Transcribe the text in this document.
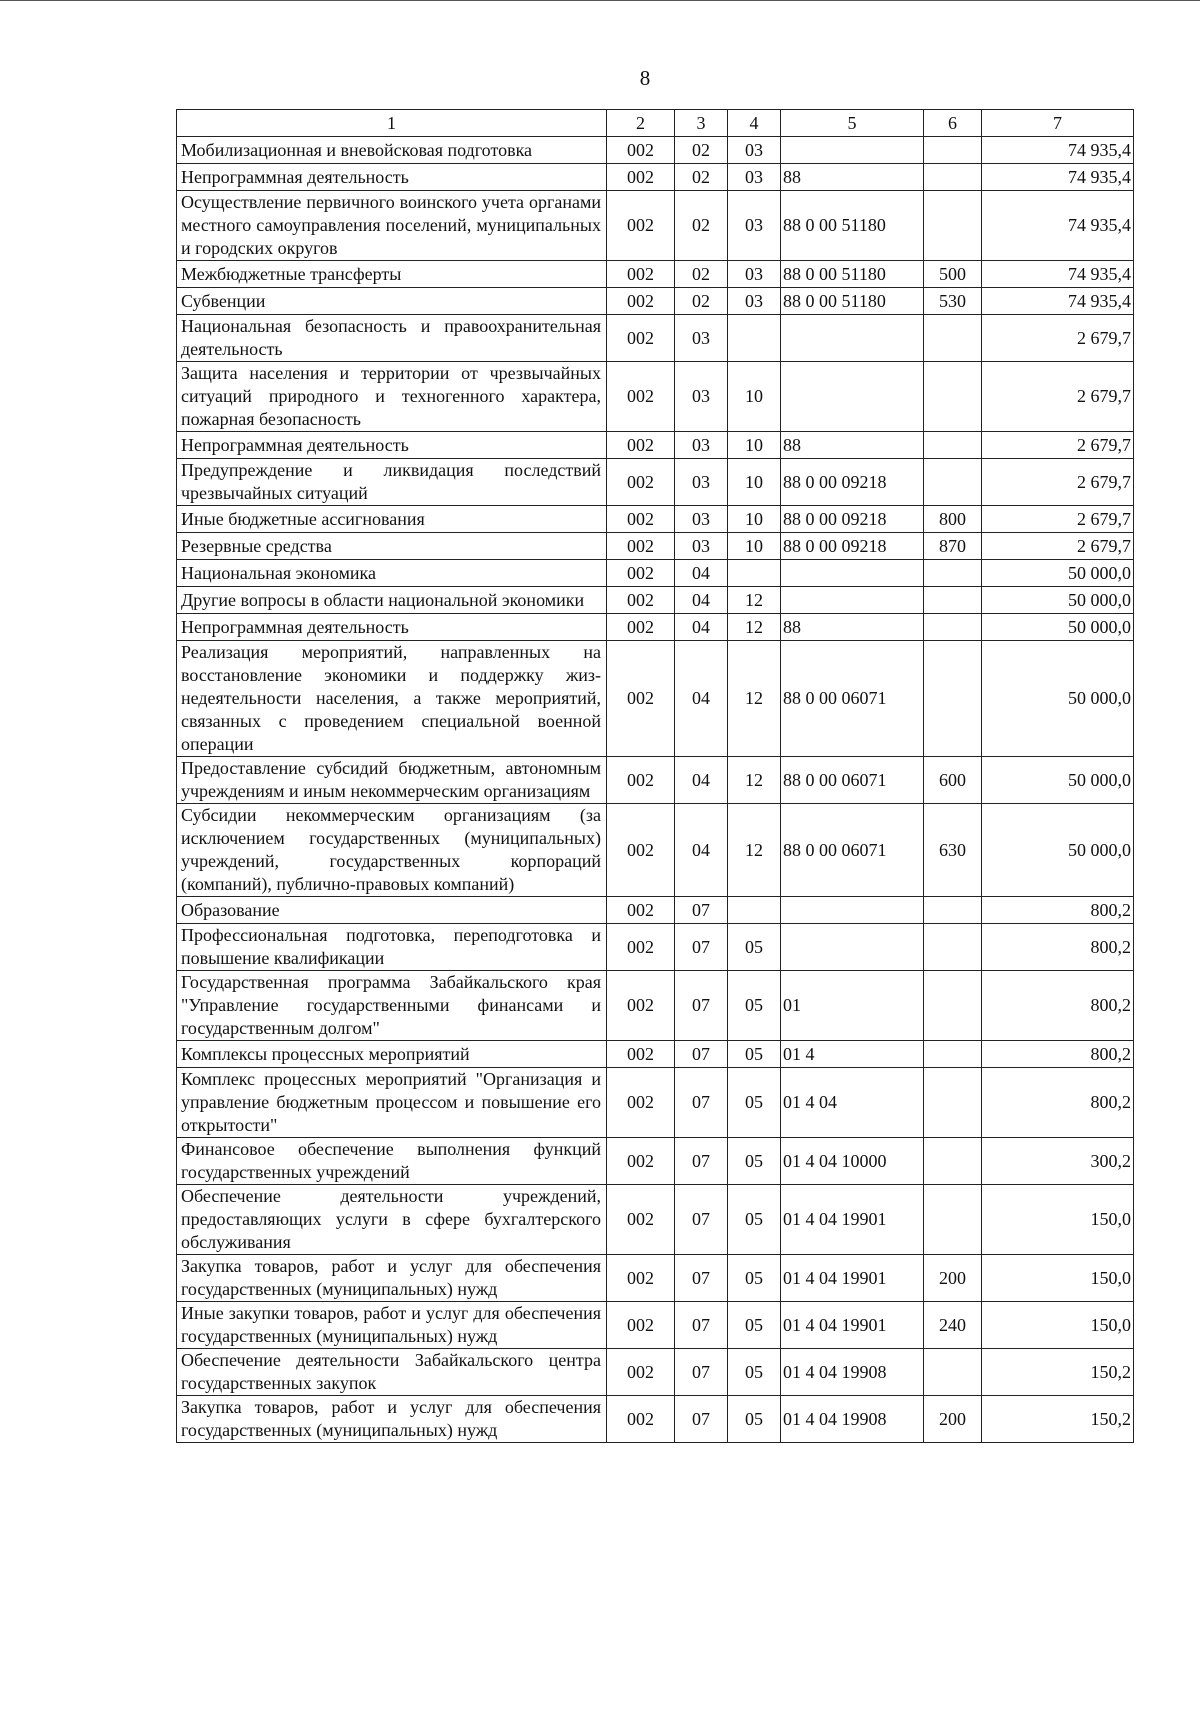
8
1	2	3	4	5	6	7
Мобилизационная и вневойсковая подготовка	002	02	03			74 935,4
Непрограммная деятельность	002	02	03	88		74 935,4
Осуществление первичного воинского учета органами местного самоуправления поселений, муниципальных и городских округов	002	02	03	88 0 00 51180		74 935,4
Межбюджетные трансферты	002	02	03	88 0 00 51180	500	74 935,4
Субвенции	002	02	03	88 0 00 51180	530	74 935,4
Национальная безопасность и правоохранительная деятельность	002	03				2 679,7
Защита населения и территории от чрезвычайных ситуаций природного и техногенного характера, пожарная безопасность	002	03	10			2 679,7
Непрограммная деятельность	002	03	10	88		2 679,7
Предупреждение и ликвидация последствий чрезвычайных ситуаций	002	03	10	88 0 00 09218		2 679,7
Иные бюджетные ассигнования	002	03	10	88 0 00 09218	800	2 679,7
Резервные средства	002	03	10	88 0 00 09218	870	2 679,7
Национальная экономика	002	04				50 000,0
Другие вопросы в области национальной экономики	002	04	12			50 000,0
Непрограммная деятельность	002	04	12	88		50 000,0
Реализация мероприятий, направленных на восстановление экономики и поддержку жизнедеятельности населения, а также мероприятий, связанных с проведением специальной военной операции	002	04	12	88 0 00 06071		50 000,0
Предоставление субсидий бюджетным, автономным учреждениям и иным некоммерческим организациям	002	04	12	88 0 00 06071	600	50 000,0
Субсидии некоммерческим организациям (за исключением государственных (муниципальных) учреждений, государственных корпораций (компаний), публично-правовых компаний)	002	04	12	88 0 00 06071	630	50 000,0
Образование	002	07				800,2
Профессиональная подготовка, переподготовка и повышение квалификации	002	07	05			800,2
Государственная программа Забайкальского края "Управление государственными финансами и государственным долгом"	002	07	05	01		800,2
Комплексы процессных мероприятий	002	07	05	01 4		800,2
Комплекс процессных мероприятий "Организация и управление бюджетным процессом и повышение его открытости"	002	07	05	01 4 04		800,2
Финансовое обеспечение выполнения функций государственных учреждений	002	07	05	01 4 04 10000		300,2
Обеспечение деятельности учреждений, предоставляющих услуги в сфере бухгалтерского обслуживания	002	07	05	01 4 04 19901		150,0
Закупка товаров, работ и услуг для обеспечения государственных (муниципальных) нужд	002	07	05	01 4 04 19901	200	150,0
Иные закупки товаров, работ и услуг для обеспечения государственных (муниципальных) нужд	002	07	05	01 4 04 19901	240	150,0
Обеспечение деятельности Забайкальского центра государственных закупок	002	07	05	01 4 04 19908		150,2
Закупка товаров, работ и услуг для обеспечения государственных (муниципальных) нужд	002	07	05	01 4 04 19908	200	150,2
